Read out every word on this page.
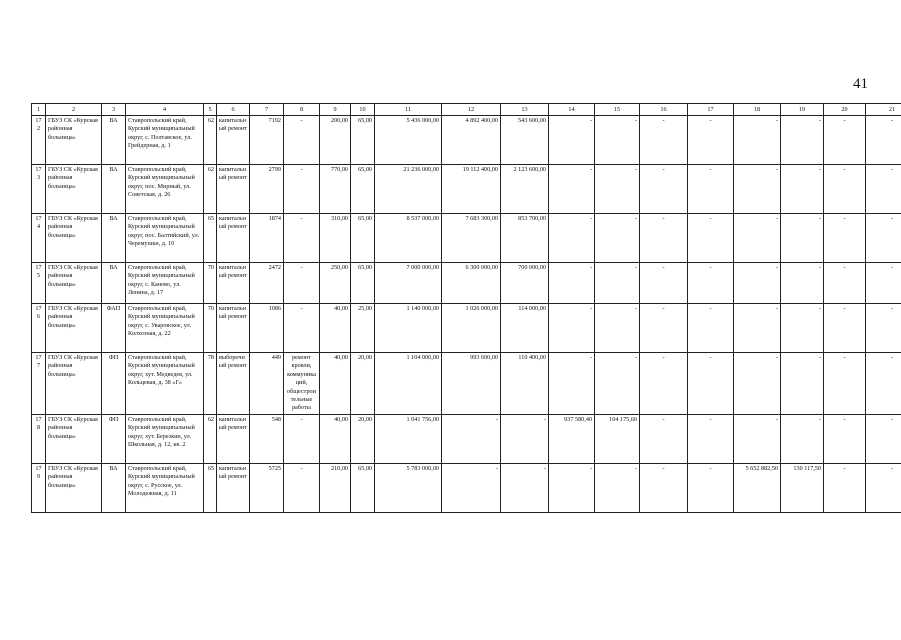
41
1	2	3	4	5	6	7	8	9	10	11	12	13	14	15	16	17	18	19	20	21
172	ГБУЗ СК «Курская районная больница»	ВА	Ставропольский край, Курский муниципальный округ, с. Полтавское, ул. Грейдерная, д. 1	62	капитальный ремонт	7192	-	200,00	65,00	5 436 000,00	4 892 400,00	543 600,00	-	-	-	-	-	-	-	-
173	ГБУЗ СК «Курская районная больница»	ВА	Ставропольский край, Курский муниципальный округ, пос. Мирный, ул. Советская, д. 26	62	капитальный ремонт	2799	-	770,00	65,00	21 236 000,00	19 112 400,00	2 123 600,00	-	-	-	-	-	-	-	-
174	ГБУЗ СК «Курская районная больница»	ВА	Ставропольский край, Курский муниципальный округ, пос. Балтийский, ул. Черемушки, д. 10	65	капитальный ремонт	1874	-	310,00	65,00	8 537 000,00	7 683 300,00	853 700,00	-	-	-	-	-	-	-	-
175	ГБУЗ СК «Курская районная больница»	ВА	Ставропольский край, Курский муниципальный округ, с. Каново, ул. Ленина, д. 17	70	капитальный ремонт	2472	-	250,00	65,00	7 000 000,00	6 300 000,00	700 000,00	-	-	-	-	-	-	-	-
176	ГБУЗ СК «Курская районная больница»	ФАП	Ставропольский край, Курский муниципальный округ, с. Уваровское, ул. Колхозная, д. 22	70	капитальный ремонт	1086	-	40,00	25,00	1 140 000,00	1 026 000,00	114 000,00	-	-	-	-	-	-	-	-
177	ГБУЗ СК «Курская районная больница»	ФП	Ставропольский край, Курский муниципальный округ, хут. Медведев, ул. Кольцевая, д. 38 «Г»	78	выборочный ремонт	449	ремонт кровли, коммуникаций, общестроительные работы	40,00	20,00	1 104 000,00	993 600,00	110 400,00	-	-	-	-	-	-	-	-
178	ГБУЗ СК «Курская районная больница»	ФП	Ставропольский край, Курский муниципальный округ, хут. Березкин, ул. Школьная, д. 12, кв. 2	62	капитальный ремонт	548	-	40,00	20,00	1 041 756,00	-	-	937 580,40	104 175,60	-	-	-	-	-	-
179	ГБУЗ СК «Курская районная больница»	ВА	Ставропольский край, Курский муниципальный округ, с. Русское, ул. Молодежная, д. 11	65	капитальный ремонт	5725	-	210,00	65,00	5 783 000,00	-	-	-	-	-	-	5 652 882,50	130 117,50	-	-
